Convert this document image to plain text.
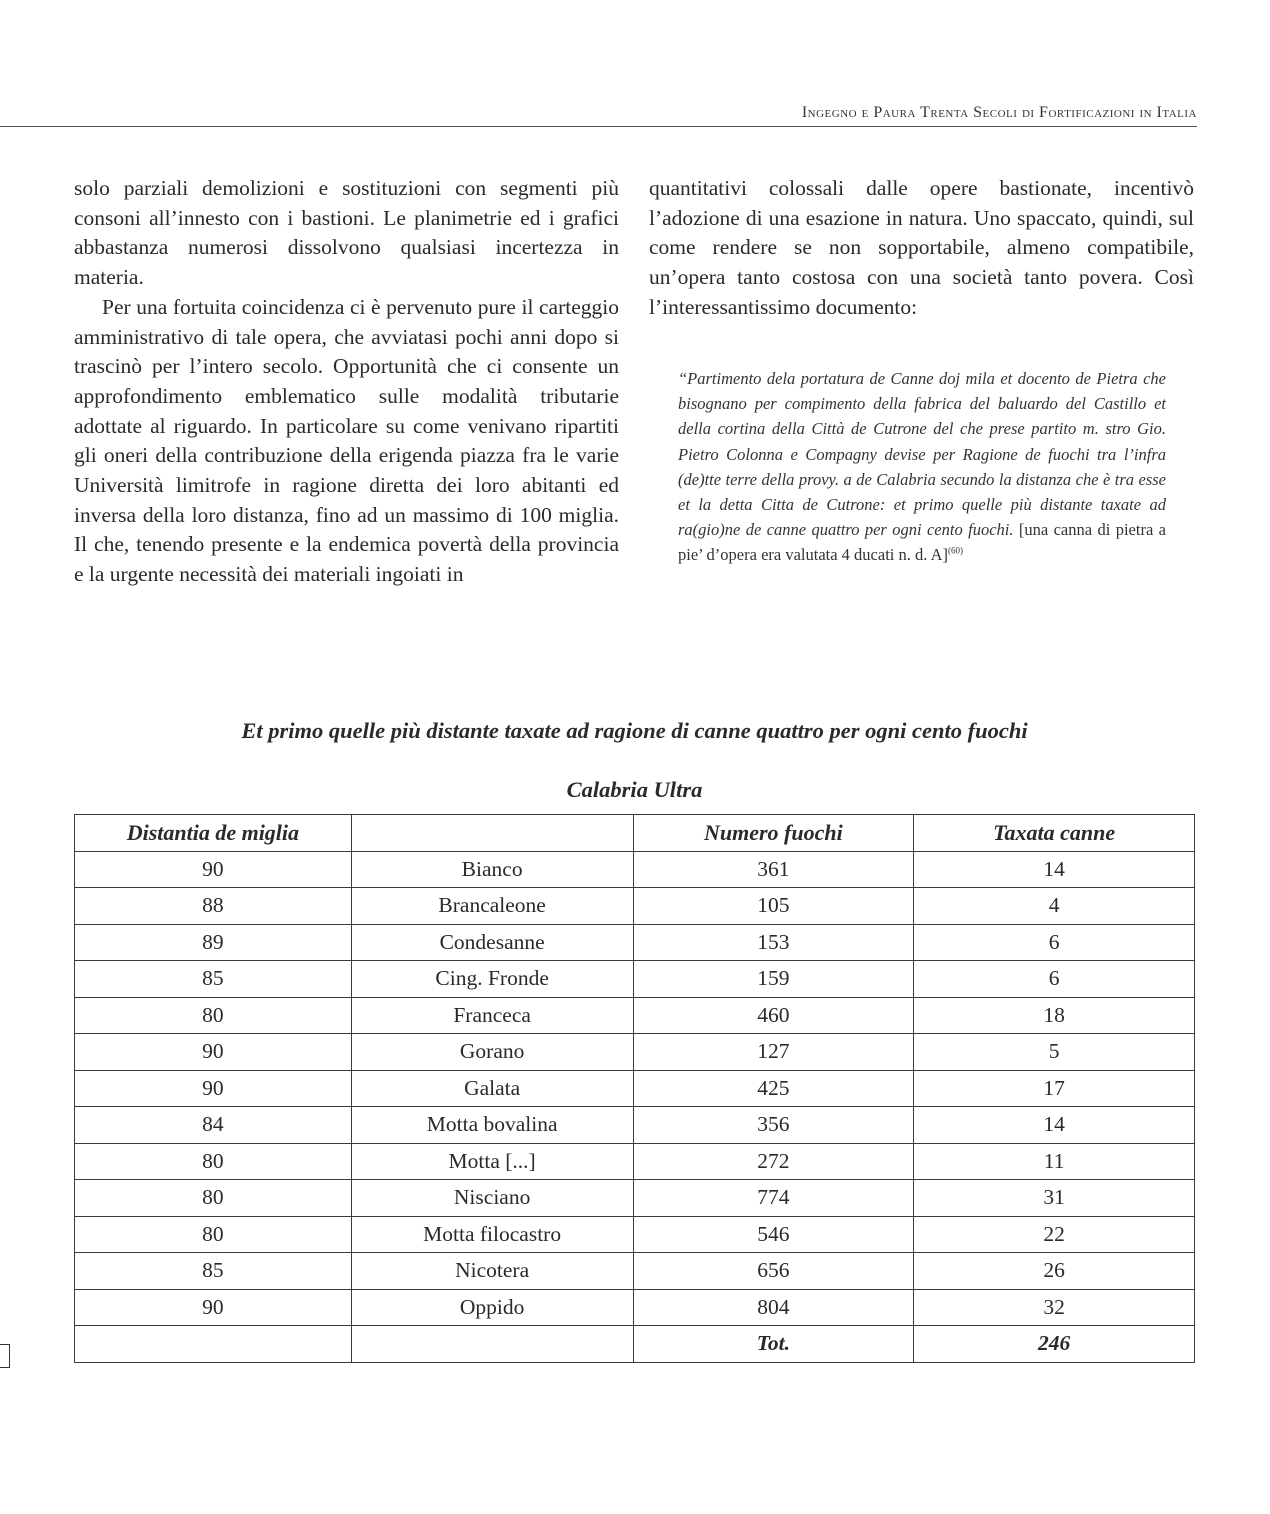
Ingegno e Paura Trenta Secoli di Fortificazioni in Italia

solo parziali demolizioni e sostituzioni con segmenti più consoni all’innesto con i bastioni. Le planimetrie ed i grafici abbastanza numerosi dissolvono qualsiasi incertezza in materia.

Per una fortuita coincidenza ci è pervenuto pure il carteggio amministrativo di tale opera, che avviatasi pochi anni dopo si trascinò per l’intero secolo. Opportunità che ci consente un approfondimento emblematico sulle modalità tributarie adottate al riguardo. In particolare su come venivano ripartiti gli oneri della contribuzione della erigenda piazza fra le varie Università limitrofe in ragione diretta dei loro abitanti ed inversa della loro distanza, fino ad un massimo di 100 miglia. Il che, tenendo presente e la endemica povertà della provincia e la urgente necessità dei materiali ingoiati in

quantitativi colossali dalle opere bastionate, incentivò l’adozione di una esazione in natura. Uno spaccato, quindi, sul come rendere se non sopportabile, almeno compatibile, un’opera tanto costosa con una società tanto povera. Così l’interessantissimo documento:

“Partimento dela portatura de Canne doj mila et docento de Pietra che bisognano per compimento della fabrica del baluardo del Castillo et della cortina della Città de Cutrone del che prese partito m. stro Gio. Pietro Colonna e Compagny devise per Ragione de fuochi tra l’infra (de)tte terre della provy. a de Calabria secundo la distanza che è tra esse et la detta Citta de Cutrone: et primo quelle più distante taxate ad ra(gio)ne de canne quattro per ogni cento fuochi. [una canna di pietra a pie’ d’opera era valutata 4 ducati n. d. A]$^{(60)}$
Et primo quelle più distante taxate ad ragione di canne quattro per ogni cento fuochi
Calabria Ultra
Distantia de miglia		Numero fuochi	Taxata canne
90	Bianco	361	14
88	Brancaleone	105	4
89	Condesanne	153	6
85	Cing. Fronde	159	6
80	Franceca	460	18
90	Gorano	127	5
90	Galata	425	17
84	Motta bovalina	356	14
80	Motta [...]	272	11
80	Nisciano	774	31
80	Motta filocastro	546	22
85	Nicotera	656	26
90	Oppido	804	32
		Tot.	246
